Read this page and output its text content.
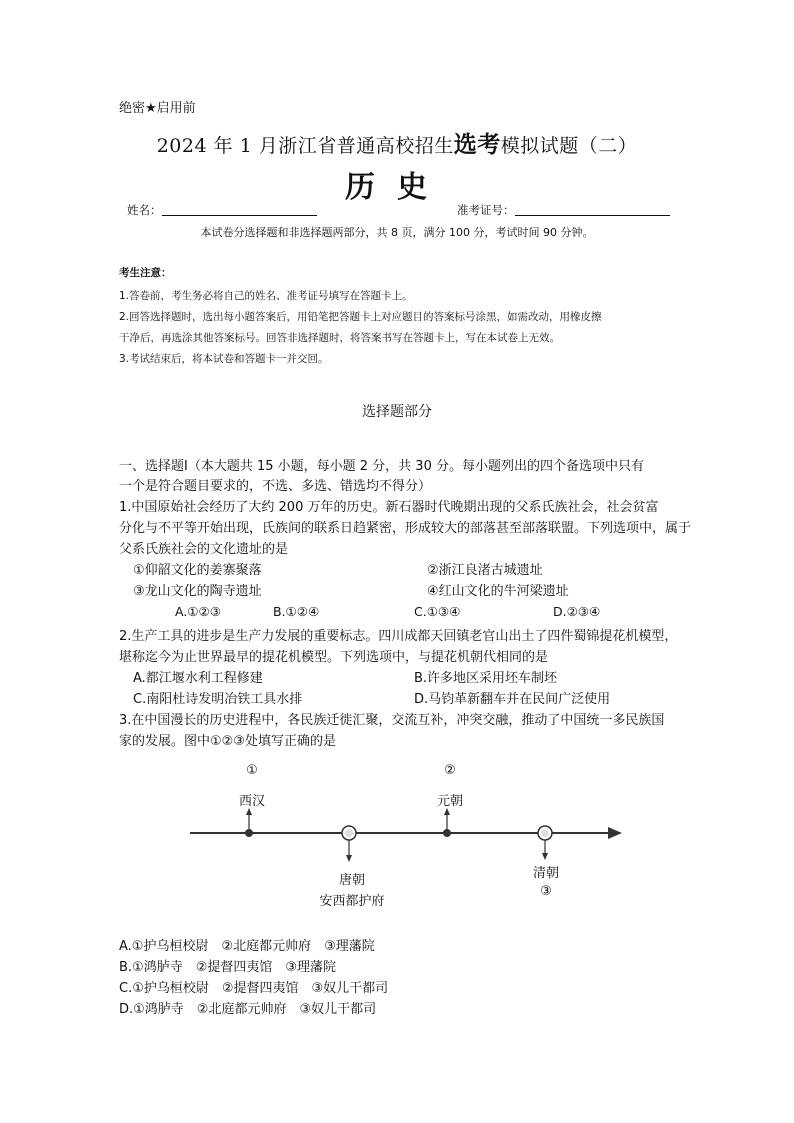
绝密★启用前
2024 年 1 月浙江省普通高校招生选考模拟试题（二）
历史
姓名：	准考证号：
本试卷分选择题和非选择题两部分，共 8 页，满分 100 分，考试时间 90 分钟。
考生注意：
1.答卷前，考生务必将自己的姓名、准考证号填写在答题卡上。
2.回答选择题时，选出每小题答案后，用铅笔把答题卡上对应题目的答案标号涂黑，如需改动，用橡皮擦
干净后，再选涂其他答案标号。回答非选择题时，将答案书写在答题卡上，写在本试卷上无效。
3.考试结束后，将本试卷和答题卡一并交回。
选择题部分
一、选择题Ⅰ（本大题共 15 小题，每小题 2 分，共 30 分。每小题列出的四个备选项中只有
一个是符合题目要求的，不选、多选、错选均不得分）
1.中国原始社会经历了大约 200 万年的历史。新石器时代晚期出现的父系氏族社会，社会贫富
分化与不平等开始出现，氏族间的联系日趋紧密，形成较大的部落甚至部落联盟。下列选项中，属于
父系氏族社会的文化遗址的是
①仰韶文化的姜寨聚落	②浙江良渚古城遗址
③龙山文化的陶寺遗址	④红山文化的牛河梁遗址
A.①②③	B.①②④	C.①③④	D.②③④
2.生产工具的进步是生产力发展的重要标志。四川成都天回镇老官山出土了四件蜀锦提花机模型，
堪称迄今为止世界最早的提花机模型。下列选项中，与提花机朝代相同的是
A.都江堰水利工程修建	B.许多地区采用坯车制坯
C.南阳杜诗发明冶铁工具水排	D.马钧革新翻车并在民间广泛使用
3.在中国漫长的历史进程中，各民族迁徙汇聚，交流互补，冲突交融，推动了中国统一多民族国
家的发展。图中①②③处填写正确的是
①
西汉
②
元朝
唐朝
安西都护府
清朝
③
A.①护乌桓校尉　②北庭都元帅府　③理藩院
B.①鸿胪寺　②提督四夷馆　③理藩院
C.①护乌桓校尉　②提督四夷馆　③奴儿干都司
D.①鸿胪寺　②北庭都元帅府　③奴儿干都司
